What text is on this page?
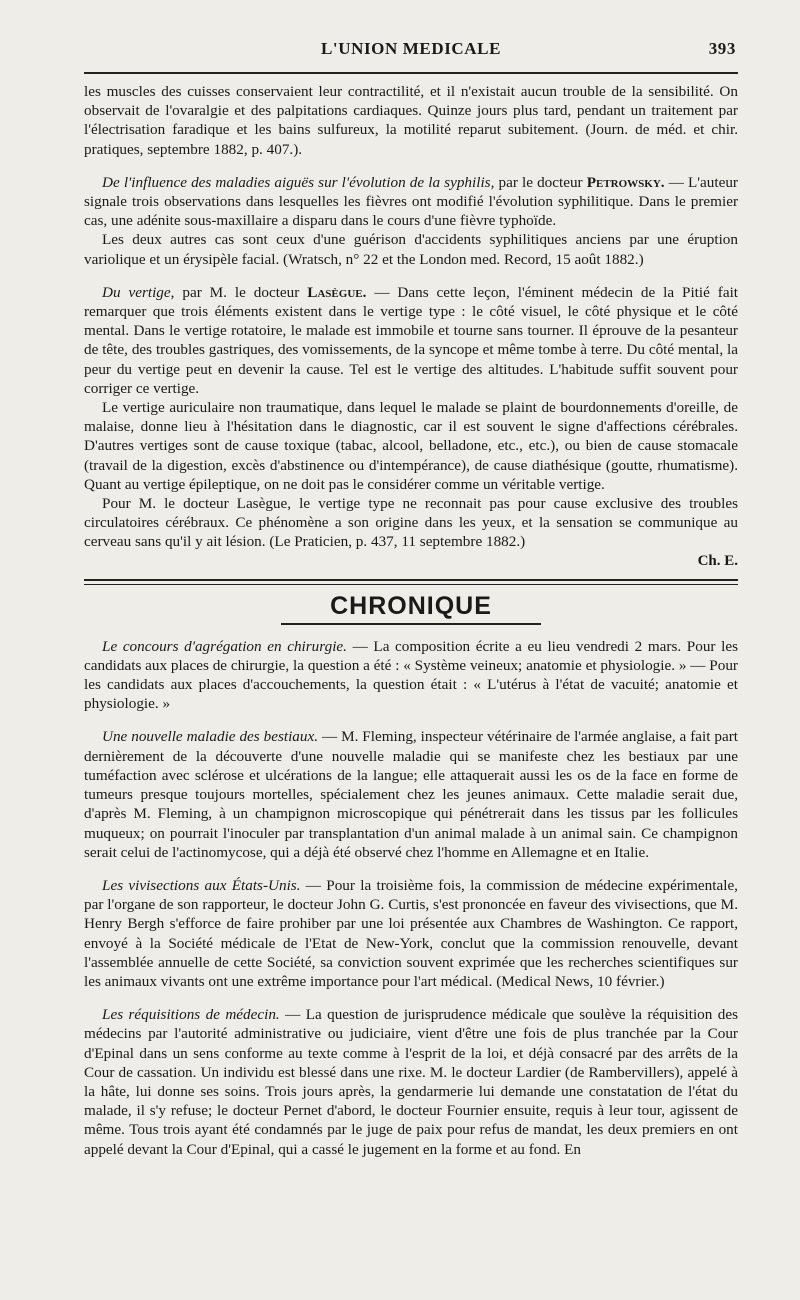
L'UNION MEDICALE	393

les muscles des cuisses conservaient leur contractilité, et il n'existait aucun trouble de la sensibilité. On observait de l'ovaralgie et des palpitations cardiaques. Quinze jours plus tard, pendant un traitement par l'électrisation faradique et les bains sulfureux, la motilité reparut subitement. (Journ. de méd. et chir. pratiques, septembre 1882, p. 407.).

De l'influence des maladies aiguës sur l'évolution de la syphilis, par le docteur Petrowsky. — L'auteur signale trois observations dans lesquelles les fièvres ont modifié l'évolution syphilitique. Dans le premier cas, une adénite sous-maxillaire a disparu dans le cours d'une fièvre typhoïde.

Les deux autres cas sont ceux d'une guérison d'accidents syphilitiques anciens par une éruption variolique et un érysipèle facial. (Wratsch, n° 22 et the London med. Record, 15 août 1882.)

Du vertige, par M. le docteur Lasègue. — Dans cette leçon, l'éminent médecin de la Pitié fait remarquer que trois éléments existent dans le vertige type : le côté visuel, le côté physique et le côté mental. Dans le vertige rotatoire, le malade est immobile et tourne sans tourner. Il éprouve de la pesanteur de tête, des troubles gastriques, des vomissements, de la syncope et même tombe à terre. Du côté mental, la peur du vertige peut en devenir la cause. Tel est le vertige des altitudes. L'habitude suffit souvent pour corriger ce vertige.

Le vertige auriculaire non traumatique, dans lequel le malade se plaint de bourdonnements d'oreille, de malaise, donne lieu à l'hésitation dans le diagnostic, car il est souvent le signe d'affections cérébrales. D'autres vertiges sont de cause toxique (tabac, alcool, belladone, etc., etc.), ou bien de cause stomacale (travail de la digestion, excès d'abstinence ou d'intempérance), de cause diathésique (goutte, rhumatisme). Quant au vertige épileptique, on ne doit pas le considérer comme un véritable vertige.

Pour M. le docteur Lasègue, le vertige type ne reconnait pas pour cause exclusive des troubles circulatoires cérébraux. Ce phénomène a son origine dans les yeux, et la sensation se communique au cerveau sans qu'il y ait lésion. (Le Praticien, p. 437, 11 septembre 1882.)

Ch. E.
CHRONIQUE

Le concours d'agrégation en chirurgie. — La composition écrite a eu lieu vendredi 2 mars. Pour les candidats aux places de chirurgie, la question a été : « Système veineux; anatomie et physiologie. » — Pour les candidats aux places d'accouchements, la question était : « L'utérus à l'état de vacuité; anatomie et physiologie. »

Une nouvelle maladie des bestiaux. — M. Fleming, inspecteur vétérinaire de l'armée anglaise, a fait part dernièrement de la découverte d'une nouvelle maladie qui se manifeste chez les bestiaux par une tuméfaction avec sclérose et ulcérations de la langue; elle attaquerait aussi les os de la face en forme de tumeurs presque toujours mortelles, spécialement chez les jeunes animaux. Cette maladie serait due, d'après M. Fleming, à un champignon microscopique qui pénétrerait dans les tissus par les follicules muqueux; on pourrait l'inoculer par transplantation d'un animal malade à un animal sain. Ce champignon serait celui de l'actinomycose, qui a déjà été observé chez l'homme en Allemagne et en Italie.

Les vivisections aux États-Unis. — Pour la troisième fois, la commission de médecine expérimentale, par l'organe de son rapporteur, le docteur John G. Curtis, s'est prononcée en faveur des vivisections, que M. Henry Bergh s'efforce de faire prohiber par une loi présentée aux Chambres de Washington. Ce rapport, envoyé à la Société médicale de l'Etat de New-York, conclut que la commission renouvelle, devant l'assemblée annuelle de cette Société, sa conviction souvent exprimée que les recherches scientifiques sur les animaux vivants ont une extrême importance pour l'art médical. (Medical News, 10 février.)

Les réquisitions de médecin. — La question de jurisprudence médicale que soulève la réquisition des médecins par l'autorité administrative ou judiciaire, vient d'être une fois de plus tranchée par la Cour d'Epinal dans un sens conforme au texte comme à l'esprit de la loi, et déjà consacré par des arrêts de la Cour de cassation. Un individu est blessé dans une rixe. M. le docteur Lardier (de Rambervillers), appelé à la hâte, lui donne ses soins. Trois jours après, la gendarmerie lui demande une constatation de l'état du malade, il s'y refuse; le docteur Pernet d'abord, le docteur Fournier ensuite, requis à leur tour, agissent de même. Tous trois ayant été condamnés par le juge de paix pour refus de mandat, les deux premiers en ont appelé devant la Cour d'Epinal, qui a cassé le jugement en la forme et au fond. En
